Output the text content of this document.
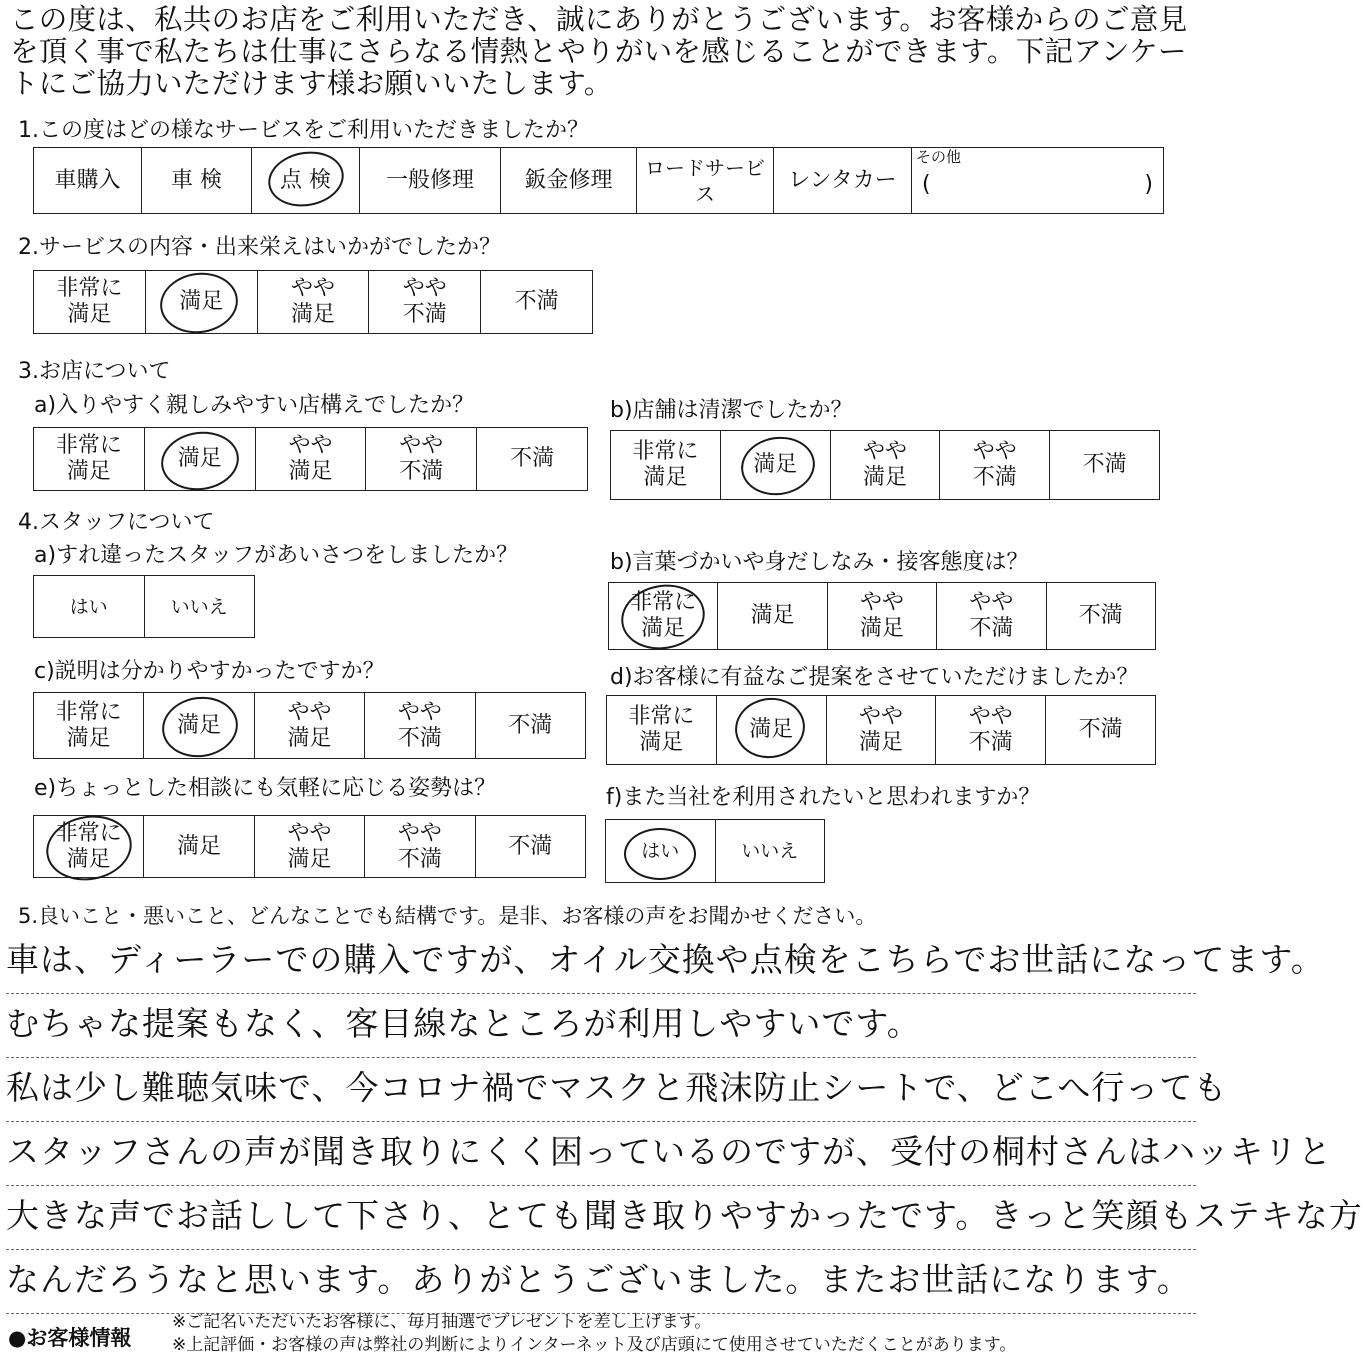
この度は、私共のお店をご利用いただき、誠にありがとうございます。お客様からのご意見を頂く事で私たちは仕事にさらなる情熱とやりがいを感じることができます。下記アンケートにご協力いただけます様お願いいたします。
1.この度はどの様なサービスをご利用いただきましたか？
車購入	車 検	点 検	一般修理	鈑金修理	ロードサービス	レンタカー	
その他
(	)
2.サービスの内容・出来栄えはいかがでしたか？
非常に満足	満足
	やや満足	やや不満	不満
3.お店について
a)入りやすく親しみやすい店構えでしたか？
非常に満足	満足
	やや満足	やや不満	不満
b)店舗は清潔でしたか？
非常に満足	満足
	やや満足	やや不満	不満
4.スタッフについて
a)すれ違ったスタッフがあいさつをしましたか？
はい	いいえ
b)言葉づかいや身だしなみ・接客態度は？
非常に満足
	満足	やや満足	やや不満	不満
c)説明は分かりやすかったですか？
非常に満足	満足
	やや満足	やや不満	不満
d)お客様に有益なご提案をさせていただけましたか？
非常に満足	満足
	やや満足	やや不満	不満
e)ちょっとした相談にも気軽に応じる姿勢は？
非常に満足
	満足	やや満足	やや不満	不満
f)また当社を利用されたいと思われますか？
はい	いいえ
5.良いこと・悪いこと、どんなことでも結構です。是非、お客様の声をお聞かせください。
車は、ディーラーでの購入ですが、オイル交換や点検をこちらでお世話になってます。
むちゃな提案もなく、客目線なところが利用しやすいです。
私は少し難聴気味で、今コロナ禍でマスクと飛沫防止シートで、どこへ行っても
スタッフさんの声が聞き取りにくく困っているのですが、受付の桐村さんはハッキリと
大きな声でお話しして下さり、とても聞き取りやすかったです。きっと笑顔もステキな方
なんだろうなと思います。ありがとうございました。またお世話になります。
●お客様情報
※ご記名いただいたお客様に、毎月抽選でプレゼントを差し上げます。
※上記評価・お客様の声は弊社の判断によりインターネット及び店頭にて使用させていただくことがあります。
